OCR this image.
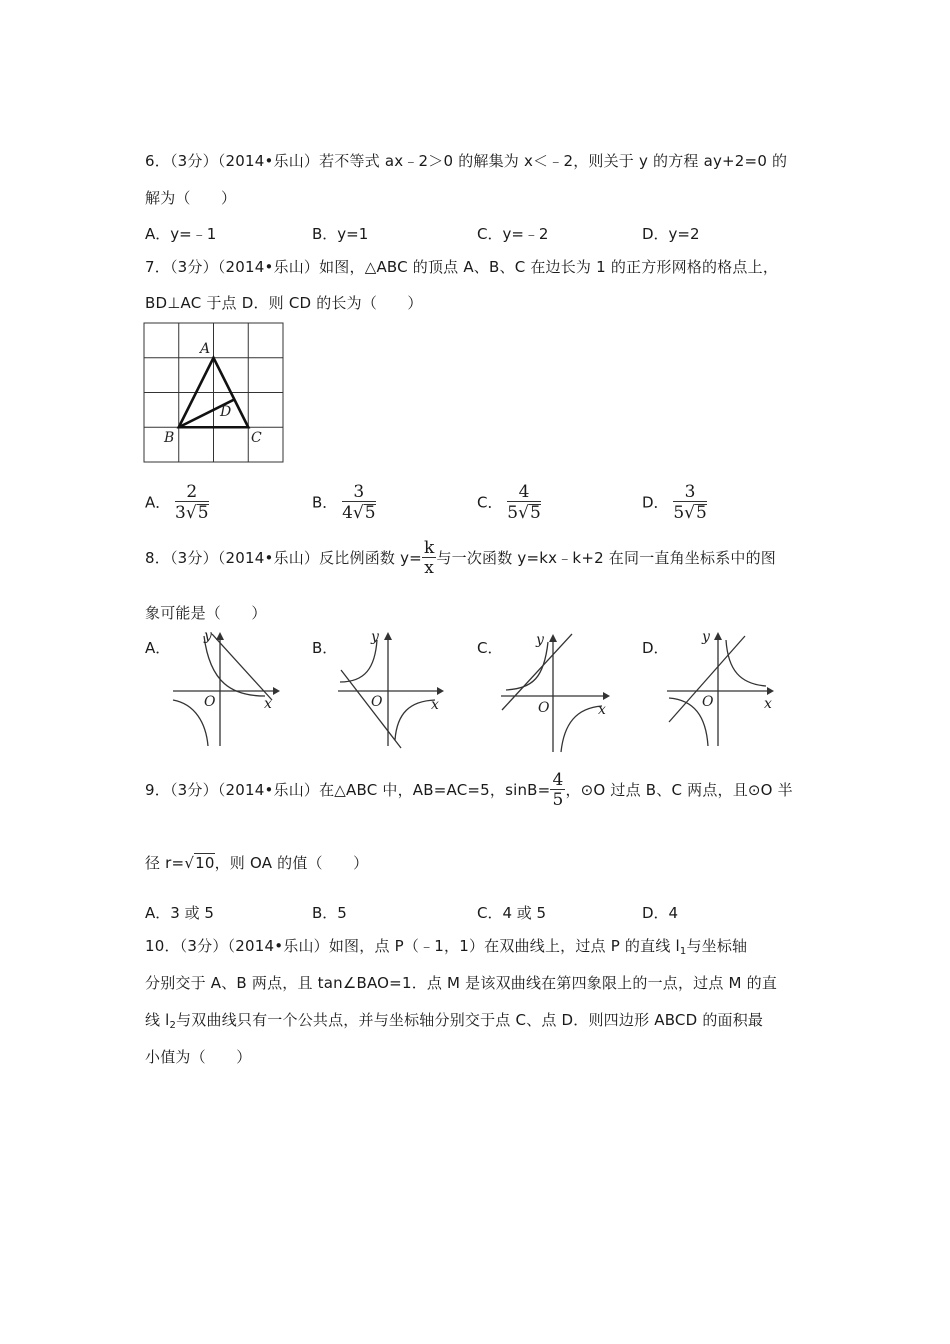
6．（3分）（2014•乐山）若不等式 ax﹣2＞0 的解集为 x＜﹣2，则关于 y 的方程 ay+2=0 的
解为（　　）
A．y=﹣1	B．y=1	C．y=﹣2	D．y=2
7．（3分）（2014•乐山）如图，△ABC 的顶点 A、B、C 在边长为 1 的正方形网格的格点上，
BD⊥AC 于点 D．则 CD 的长为（　　）
A
B	C
D
A． $\frac{2}{3√5}$	B． $\frac{3}{4√5}$	C． $\frac{4}{5√5}$	D． $\frac{3}{5√5}$
8．（3分）（2014•乐山）反比例函数 $y= \frac{k}{x}$ 与一次函数 y=kx﹣k+2 在同一直角坐标系中的图
象可能是（　　）
A．	B．	C．	D．
y
x
O
y
x
O
y
x
O
y
x
O
9．（3分）（2014•乐山）在△ABC 中，AB=AC=5，$\sin B= \frac{4}{5}$ ，⊙O 过点 B、C 两点，且⊙O 半
径 r=√10，则 OA 的值（　　）
A．3 或 5	B．5	C．4 或 5	D．4
10．（3分）（2014•乐山）如图，点 P（﹣1，1）在双曲线上，过点 P 的直线 $l_1$与坐标轴
分别交于 A、B 两点，且 tan∠BAO=1．点 M 是该双曲线在第四象限上的一点，过点 M 的直
线 $l_2$与双曲线只有一个公共点，并与坐标轴分别交于点 C、点 D．则四边形 ABCD 的面积最
小值为（　　）
